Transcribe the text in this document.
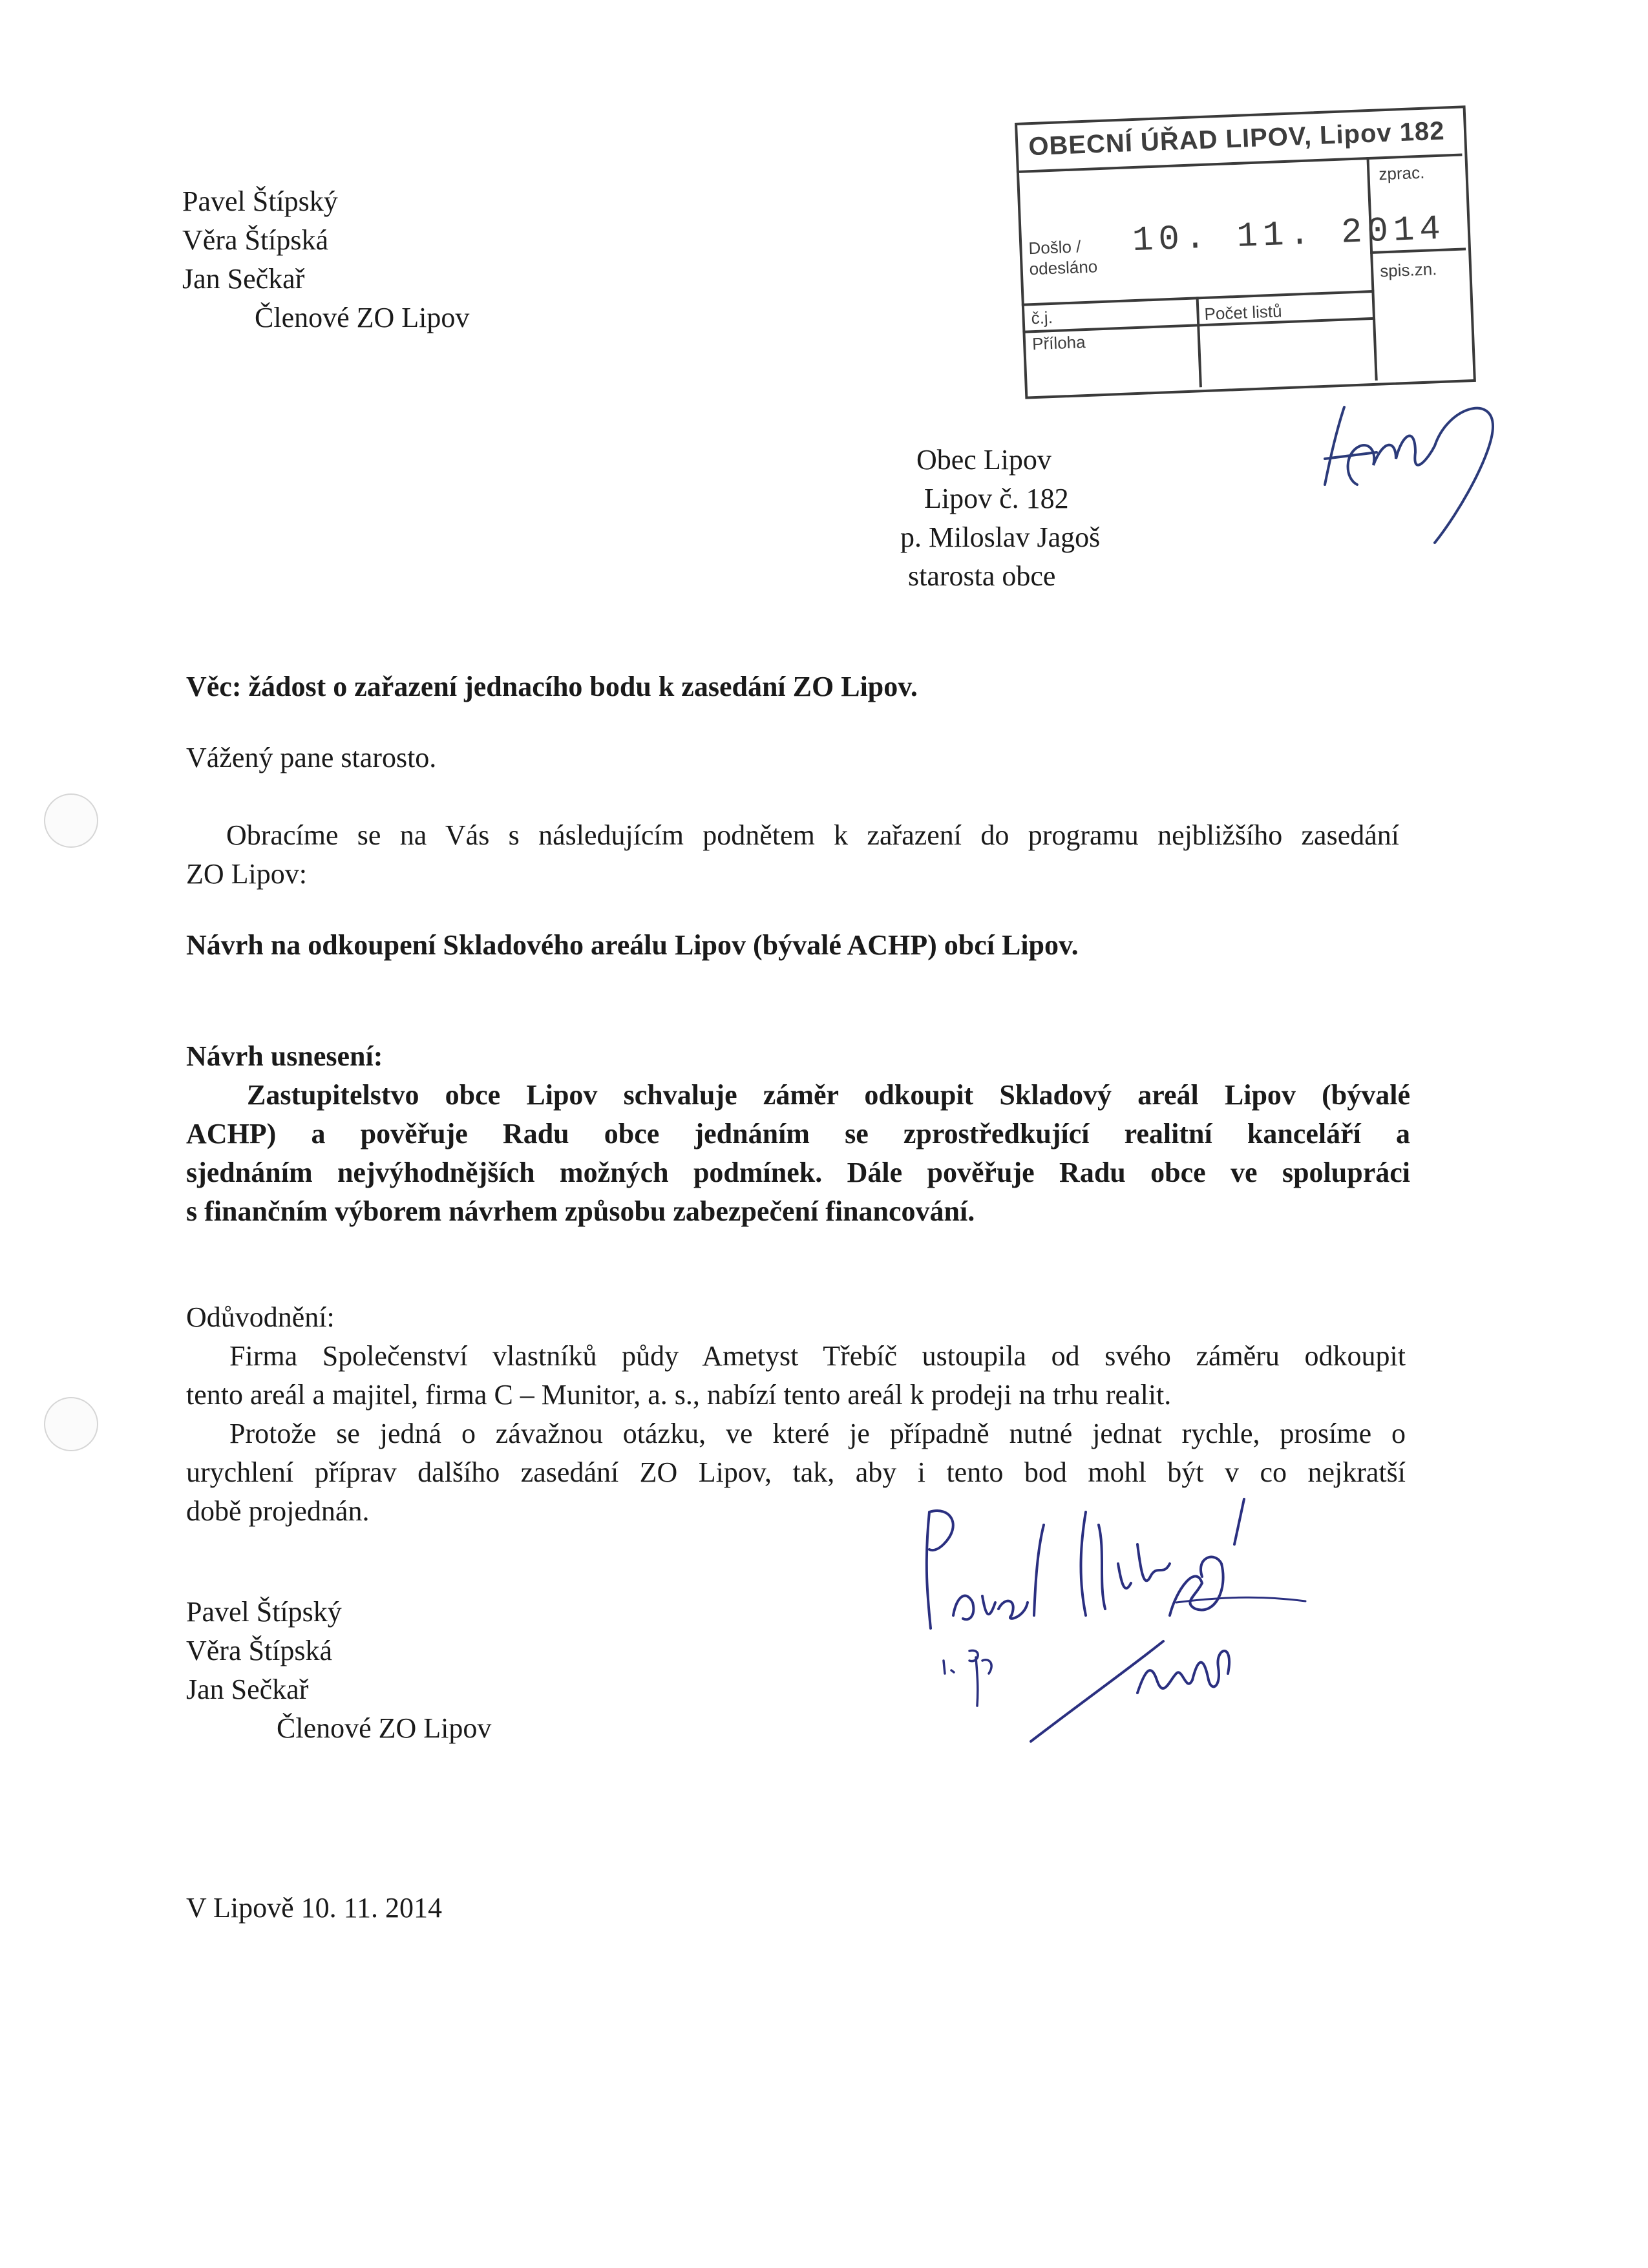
Pavel Štípský
Věra Štípská
Jan Sečkař
Členové ZO Lipov
OBECNÍ ÚŘAD LIPOV, Lipov 182
zprac.
Došlo /
odesláno
10. 11. 2014
spis.zn.
č.j.
Příloha
Počet listů
Obec Lipov
Lipov č. 182
p. Miloslav Jagoš
starosta obce
Věc: žádost o zařazení jednacího bodu k zasedání ZO Lipov.
Vážený pane starosto.
Obracíme se na Vás s následujícím podnětem k zařazení do programu nejbližšího zasedání
ZO Lipov:
Návrh na odkoupení Skladového areálu Lipov (bývalé ACHP) obcí Lipov.
Návrh usnesení:
Zastupitelstvo obce Lipov schvaluje záměr odkoupit Skladový areál Lipov (bývalé
ACHP) a pověřuje Radu obce jednáním se zprostředkující realitní kanceláří a
sjednáním nejvýhodnějších možných podmínek. Dále pověřuje Radu obce ve spolupráci
s finančním výborem návrhem způsobu zabezpečení financování.
Odůvodnění:
Firma Společenství vlastníků půdy Ametyst Třebíč ustoupila od svého záměru odkoupit
tento areál a majitel, firma C – Munitor, a. s., nabízí tento areál k prodeji na trhu realit.
Protože se jedná o závažnou otázku, ve které je případně nutné jednat rychle, prosíme o
urychlení příprav dalšího zasedání ZO Lipov, tak, aby i tento bod mohl být v co nejkratší
době projednán.
Pavel Štípský
Věra Štípská
Jan Sečkař
Členové ZO Lipov
V Lipově 10. 11. 2014
